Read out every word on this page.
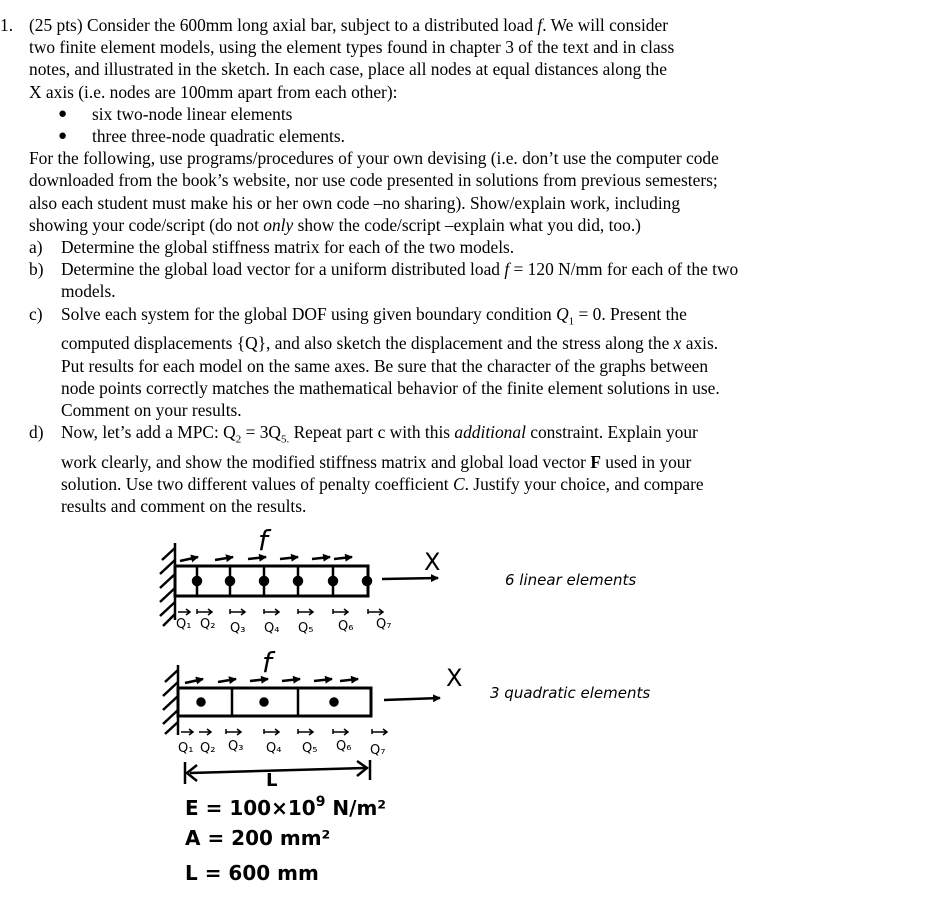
1. (25 pts) Consider the 600mm long axial bar, subject to a distributed load f. We will consider
two finite element models, using the element types found in chapter 3 of the text and in class
notes, and illustrated in the sketch. In each case, place all nodes at equal distances along the
X axis (i.e. nodes are 100mm apart from each other):
● six two-node linear elements
● three three-node quadratic elements.
For the following, use programs/procedures of your own devising (i.e. don’t use the computer code
downloaded from the book’s website, nor use code presented in solutions from previous semesters;
also each student must make his or her own code –no sharing). Show/explain work, including
showing your code/script (do not only show the code/script –explain what you did, too.)
a) Determine the global stiffness matrix for each of the two models.
b) Determine the global load vector for a uniform distributed load f = 120 N/mm for each of the two
models.
c) Solve each system for the global DOF using given boundary condition $Q_1 = 0$. Present the
computed displacements {Q}, and also sketch the displacement and the stress along the x axis.
Put results for each model on the same axes. Be sure that the character of the graphs between
node points correctly matches the mathematical behavior of the finite element solutions in use.
Comment on your results.
d) Now, let’s add a MPC: $Q_2 = 3Q_{5.}$ Repeat part c with this additional constraint. Explain your
work clearly, and show the modified stiffness matrix and global load vector F used in your
solution. Use two different values of penalty coefficient C. Justify your choice, and compare
results and comment on the results.
f
X
Q₁ Q₂ Q₃ Q₄ Q₅ Q₆ Q₇
6 linear elements
f	X
Q₁ Q₂ Q₃ Q₄ Q₅ Q₆ Q₇
3 quadratic elements
L
$E = 100\times 10^9$ N/m²
A = 200 mm²
L = 600 mm
